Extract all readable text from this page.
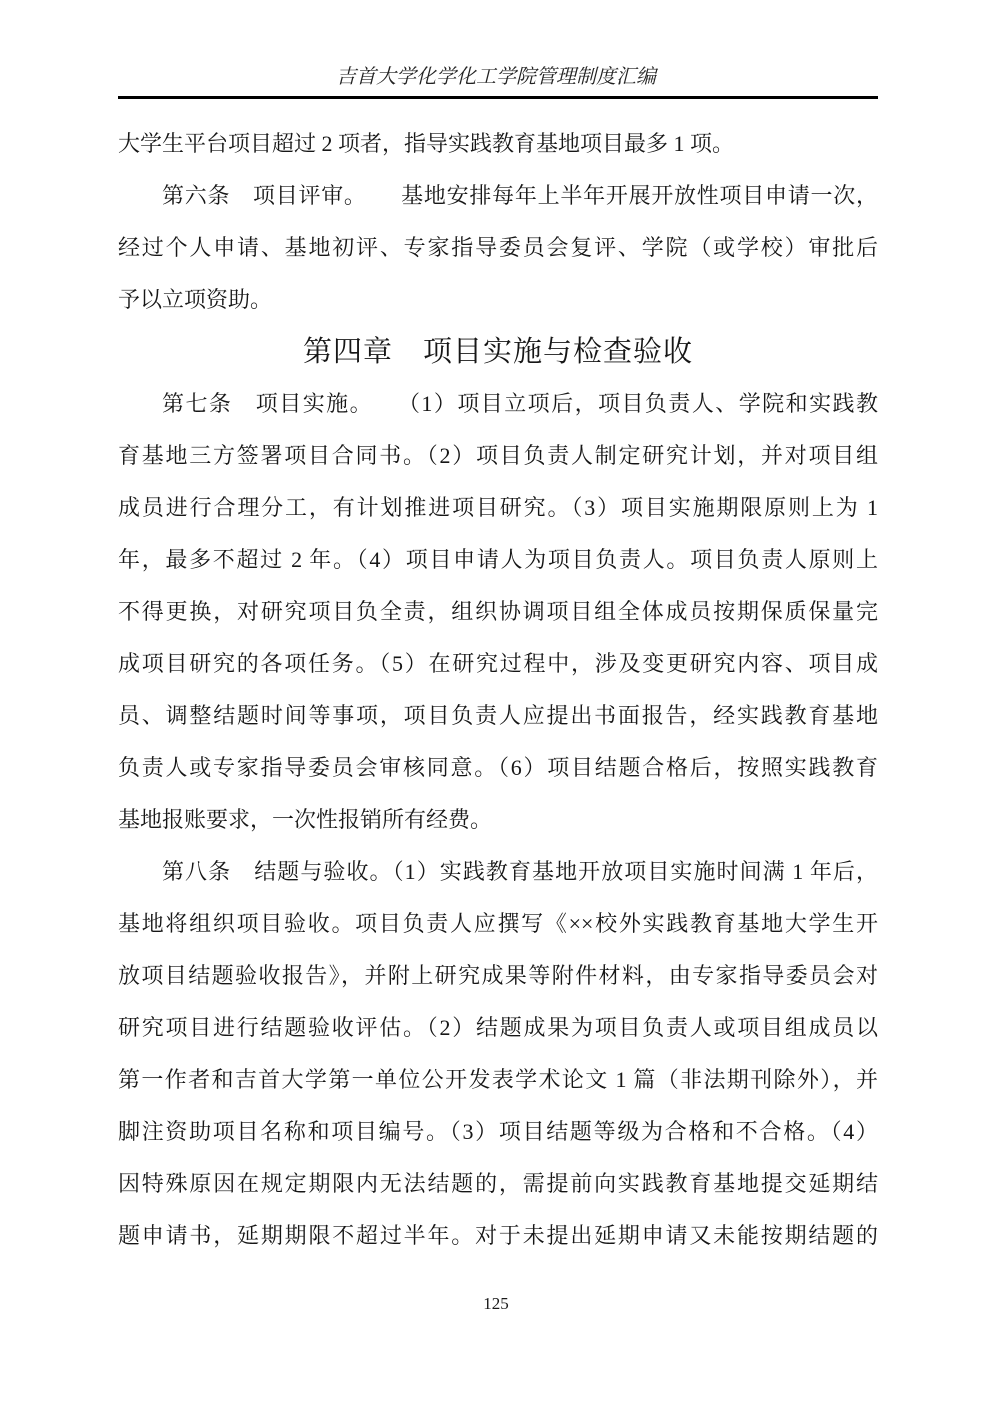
吉首大学化学化工学院管理制度汇编
大学生平台项目超过 2 项者，指导实践教育基地项目最多 1 项。
第六条　项目评审。　　基地安排每年上半年开展开放性项目申请一次，
经过个人申请、基地初评、专家指导委员会复评、学院（或学校）审批后
予以立项资助。
第四章　项目实施与检查验收
第七条　项目实施。　　（1）项目立项后，项目负责人、学院和实践教
育基地三方签署项目合同书。（2）项目负责人制定研究计划，并对项目组
成员进行合理分工，有计划推进项目研究。（3）项目实施期限原则上为 1
年，最多不超过 2 年。（4）项目申请人为项目负责人。项目负责人原则上
不得更换，对研究项目负全责，组织协调项目组全体成员按期保质保量完
成项目研究的各项任务。（5）在研究过程中，涉及变更研究内容、项目成
员、调整结题时间等事项，项目负责人应提出书面报告，经实践教育基地
负责人或专家指导委员会审核同意。（6）项目结题合格后，按照实践教育
基地报账要求，一次性报销所有经费。
第八条　结题与验收。（1）实践教育基地开放项目实施时间满 1 年后，
基地将组织项目验收。项目负责人应撰写《××校外实践教育基地大学生开
放项目结题验收报告》，并附上研究成果等附件材料，由专家指导委员会对
研究项目进行结题验收评估。（2）结题成果为项目负责人或项目组成员以
第一作者和吉首大学第一单位公开发表学术论文 1 篇（非法期刊除外），并
脚注资助项目名称和项目编号。（3）项目结题等级为合格和不合格。（4）
因特殊原因在规定期限内无法结题的，需提前向实践教育基地提交延期结
题申请书，延期期限不超过半年。对于未提出延期申请又未能按期结题的
125
